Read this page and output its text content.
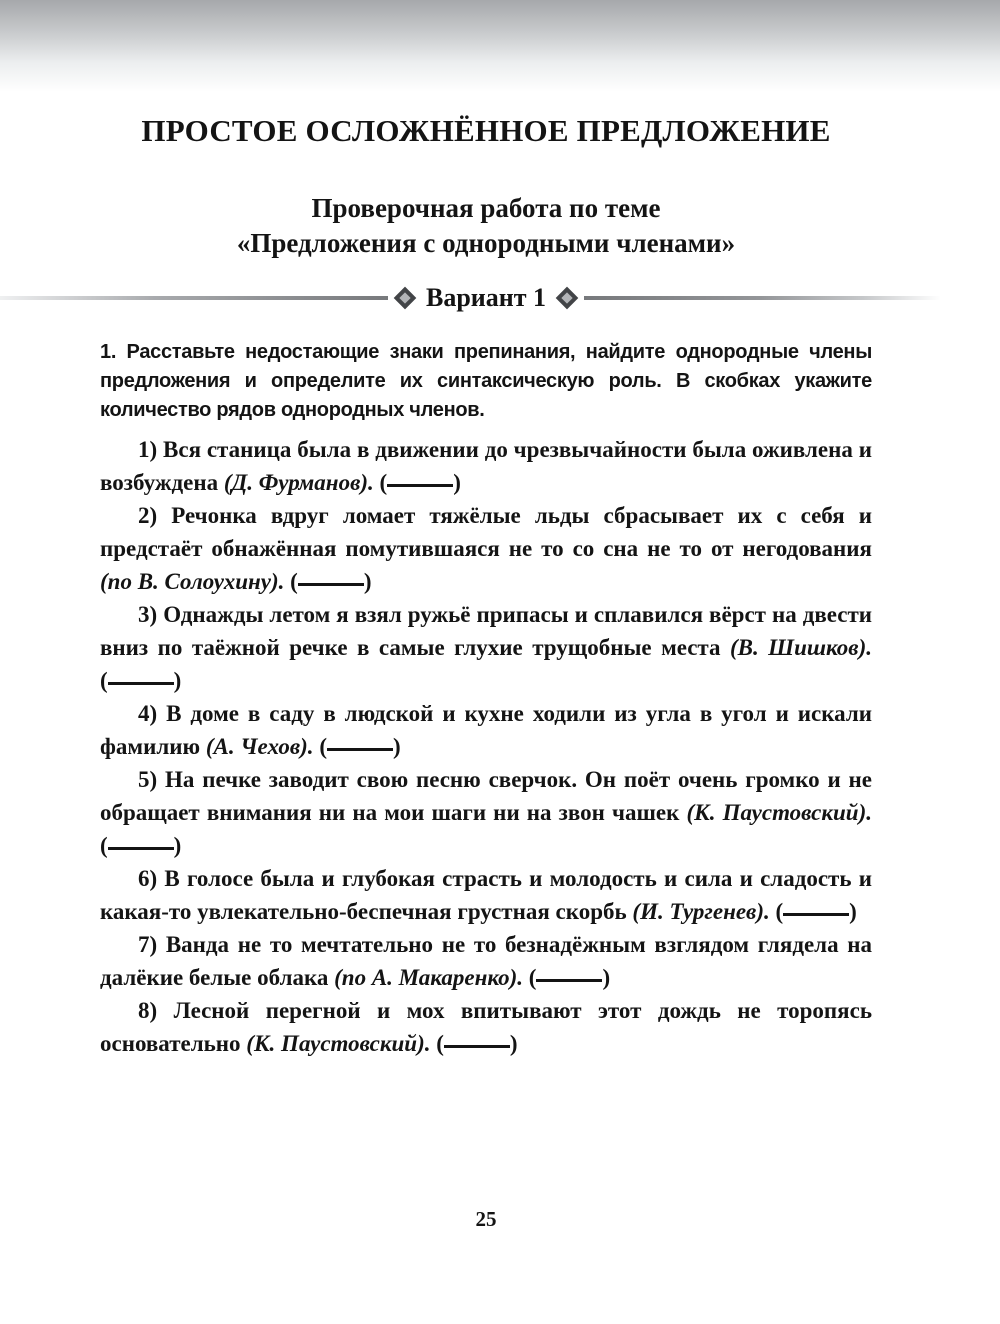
Вариант 1
ПРОСТОЕ ОСЛОЖНЁННОЕ ПРЕДЛОЖЕНИЕ
Проверочная работа по теме
«Предложения с однородными членами»

1. Расставьте недостающие знаки препинания, найдите однородные члены предложения и определите их синтаксическую роль. В скобках укажите количество рядов однородных членов.

1) Вся станица была в движении до чрезвычайности была оживлена и возбуждена (Д. Фурманов). (	)

2) Речонка вдруг ломает тяжёлые льды сбрасывает их с себя и предстаёт обнажённая помутившаяся не то со сна не то от негодования (по В. Солоухину). (	)

3) Однажды летом я взял ружьё припасы и сплавился вёрст на двести вниз по таёжной речке в самые глухие трущобные места (В. Шишков). (	)

4) В доме в саду в людской и кухне ходили из угла в угол и искали фамилию (А. Чехов). (	)

5) На печке заводит свою песню сверчок. Он поёт очень громко и не обращает внимания ни на мои шаги ни на звон чашек (К. Паустовский). (	)

6) В голосе была и глубокая страсть и молодость и сила и сладость и какая-то увлекательно-беспечная грустная скорбь (И. Тургенев). (	)

7) Ванда не то мечтательно не то безнадёжным взглядом глядела на далёкие белые облака (по А. Макаренко). (	)

8) Лесной перегной и мох впитывают этот дождь не торопясь основательно (К. Паустовский). (	)

25
